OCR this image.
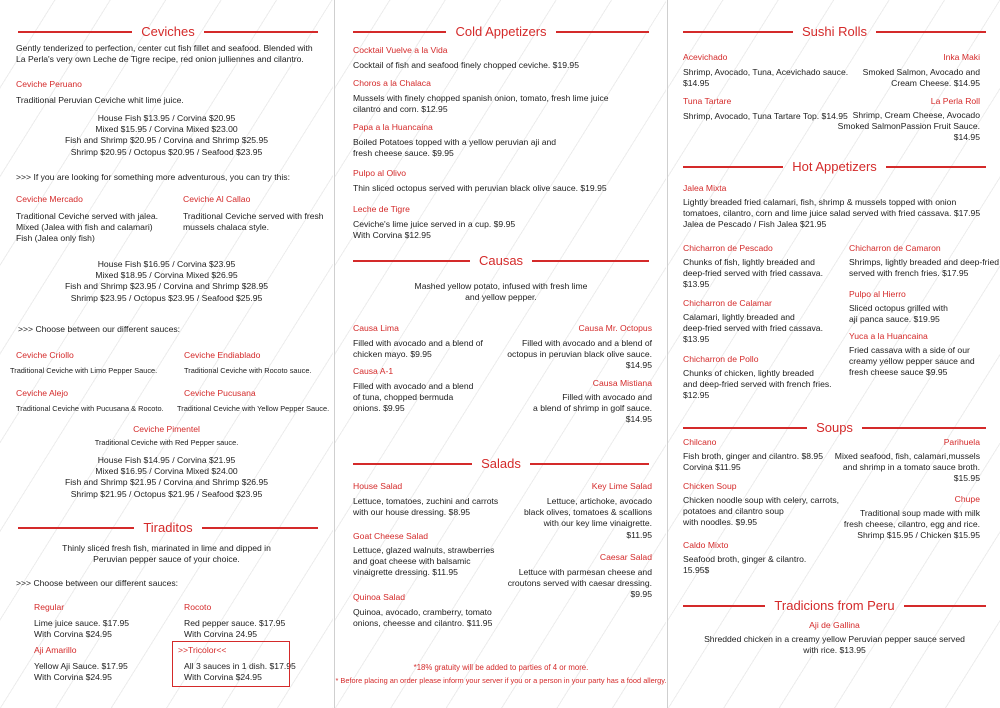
Ceviches
Gently tenderized to perfection, center cut fish fillet and seafood. Blended with
La Perla's very own Leche de Tigre recipe, red onion julliennes and cilantro.
Ceviche Peruano
Traditional Peruvian Ceviche whit lime juice.
House Fish $13.95 / Corvina $20.95
Mixed $15.95 / Corvina Mixed $23.00
Fish and Shrimp $20.95 / Corvina and Shrimp $25.95
Shrimp $20.95 / Octopus $20.95 / Seafood $23.95
>>> If you are looking for something more adventurous, you can try this:
Ceviche Mercado
Traditional Ceviche served with jalea.
Mixed (Jalea with fish and calamari)
Fish (Jalea only fish)
Ceviche Al Callao
Traditional Ceviche served with fresh
mussels chalaca style.
House Fish $16.95 / Corvina $23.95
Mixed $18.95 / Corvina Mixed $26.95
Fish and Shrimp $23.95 / Corvina and Shrimp $28.95
Shrimp $23.95 / Octopus $23.95 / Seafood $25.95
>>> Choose between our different sauces:
Ceviche Criollo
Traditional Ceviche with Limo Pepper Sauce.
Ceviche Endiablado
Traditional Ceviche with Rocoto sauce.
Ceviche Alejo
Traditional Ceviche with Pucusana & Rocoto.
Ceviche Pucusana
Traditional Ceviche with Yellow Pepper Sauce.
Ceviche Pimentel
Traditional Ceviche with Red Pepper sauce.
House Fish $14.95 / Corvina $21.95
Mixed $16.95 / Corvina Mixed $24.00
Fish and Shrimp $21.95 / Corvina and Shrimp $26.95
Shrimp $21.95 / Octopus $21.95 / Seafood $23.95
Tiraditos
Thinly sliced fresh fish, marinated in lime and dipped in
Peruvian pepper sauce of your choice.
>>> Choose between our different sauces:
Regular
Lime juice sauce. $17.95
With Corvina $24.95
Rocoto
Red pepper sauce. $17.95
With Corvina 24.95
Aji Amarillo
Yellow Aji Sauce. $17.95
With Corvina $24.95
>>Tricolor<<
All 3 sauces in 1 dish. $17.95
With Corvina $24.95
Cold Appetizers
Cocktail Vuelve a la Vida
Cocktail of fish and seafood finely chopped ceviche. $19.95
Choros a la Chalaca
Mussels with finely chopped spanish onion, tomato, fresh lime juice
cilantro and corn. $12.95
Papa a la Huancaina
Boiled Potatoes topped with a yellow peruvian aji and
fresh cheese sauce. $9.95
Pulpo al Olivo
Thin sliced octopus served with peruvian black olive sauce. $19.95
Leche de Tigre
Ceviche's lime juice served in a cup. $9.95
With Corvina $12.95
Causas
Mashed yellow potato, infused with fresh lime
and yellow pepper.
Causa Lima
Filled with avocado and a blend of
chicken mayo. $9.95
Causa Mr. Octopus
Filled with avocado and a blend of
octopus in peruvian black olive sauce.
$14.95
Causa A-1
Filled with avocado and a blend
of tuna, chopped bermuda
onions. $9.95
Causa Mistiana
Filled with avocado and
a blend of shrimp in golf sauce.
$14.95
Salads
House Salad
Lettuce, tomatoes, zuchini and carrots
with our house dressing. $8.95
Key Lime Salad
Lettuce, artichoke, avocado
black olives, tomatoes & scallions
with our key lime vinaigrette.
$11.95
Goat Cheese Salad
Lettuce, glazed walnuts, strawberries
and goat cheese with balsamic
vinaigrette dressing. $11.95
Caesar Salad
Lettuce with parmesan cheese and
croutons served with caesar dressing.
$9.95
Quinoa Salad
Quinoa, avocado, cramberry, tomato
onions, cheesse and cilantro. $11.95
*18% gratuity will be added to parties of 4 or more.
* Before placing an order please inform your server if you or a person in your party has a food allergy.
Sushi Rolls
Acevichado
Shrimp, Avocado, Tuna, Acevichado sauce.
$14.95
Inka Maki
Smoked Salmon, Avocado and
Cream Cheese. $14.95
Tuna Tartare
Shrimp, Avocado, Tuna Tartare Top. $14.95
La Perla Roll
Shrimp, Cream Cheese, Avocado
Smoked SalmonPassion Fruit Sauce.
$14.95
Hot Appetizers
Jalea Mixta
Lightly breaded fried calamari, fish, shrimp & mussels topped with onion
tomatoes, cilantro, corn and lime juice salad served with fried cassava. $17.95
Jalea de Pescado / Fish Jalea $21.95
Chicharron de Pescado
Chunks of fish, lightly breaded and
deep-fried served with fried cassava.
$13.95
Chicharron de Camaron
Shrimps, lightly breaded and deep-fried
served with french fries. $17.95
Chicharron de Calamar
Calamari, lightly breaded and
deep-fried served with fried cassava.
$13.95
Pulpo al Hierro
Sliced octopus grilled with
aji panca sauce. $19.95
Yuca a la Huancaina
Fried cassava with a side of our
creamy yellow pepper sauce and
fresh cheese sauce $9.95
Chicharron de Pollo
Chunks of chicken, lightly breaded
and deep-fried served with french fries.
$12.95
Soups
Chilcano
Fish broth, ginger and cilantro. $8.95
Corvina $11.95
Parihuela
Mixed seafood, fish, calamari,mussels
and shrimp in a tomato sauce broth.
$15.95
Chicken Soup
Chicken noodle soup with celery, carrots,
potatoes and cilantro soup
with noodles. $9.95
Chupe
Traditional soup made with milk
fresh cheese, cilantro, egg and rice.
Shrimp $15.95 / Chicken $15.95
Caldo Mixto
Seafood broth, ginger & cilantro.
15.95$
Tradicions from Peru
Aji de Gallina
Shredded chicken in a creamy yellow Peruvian pepper sauce served
with rice. $13.95
